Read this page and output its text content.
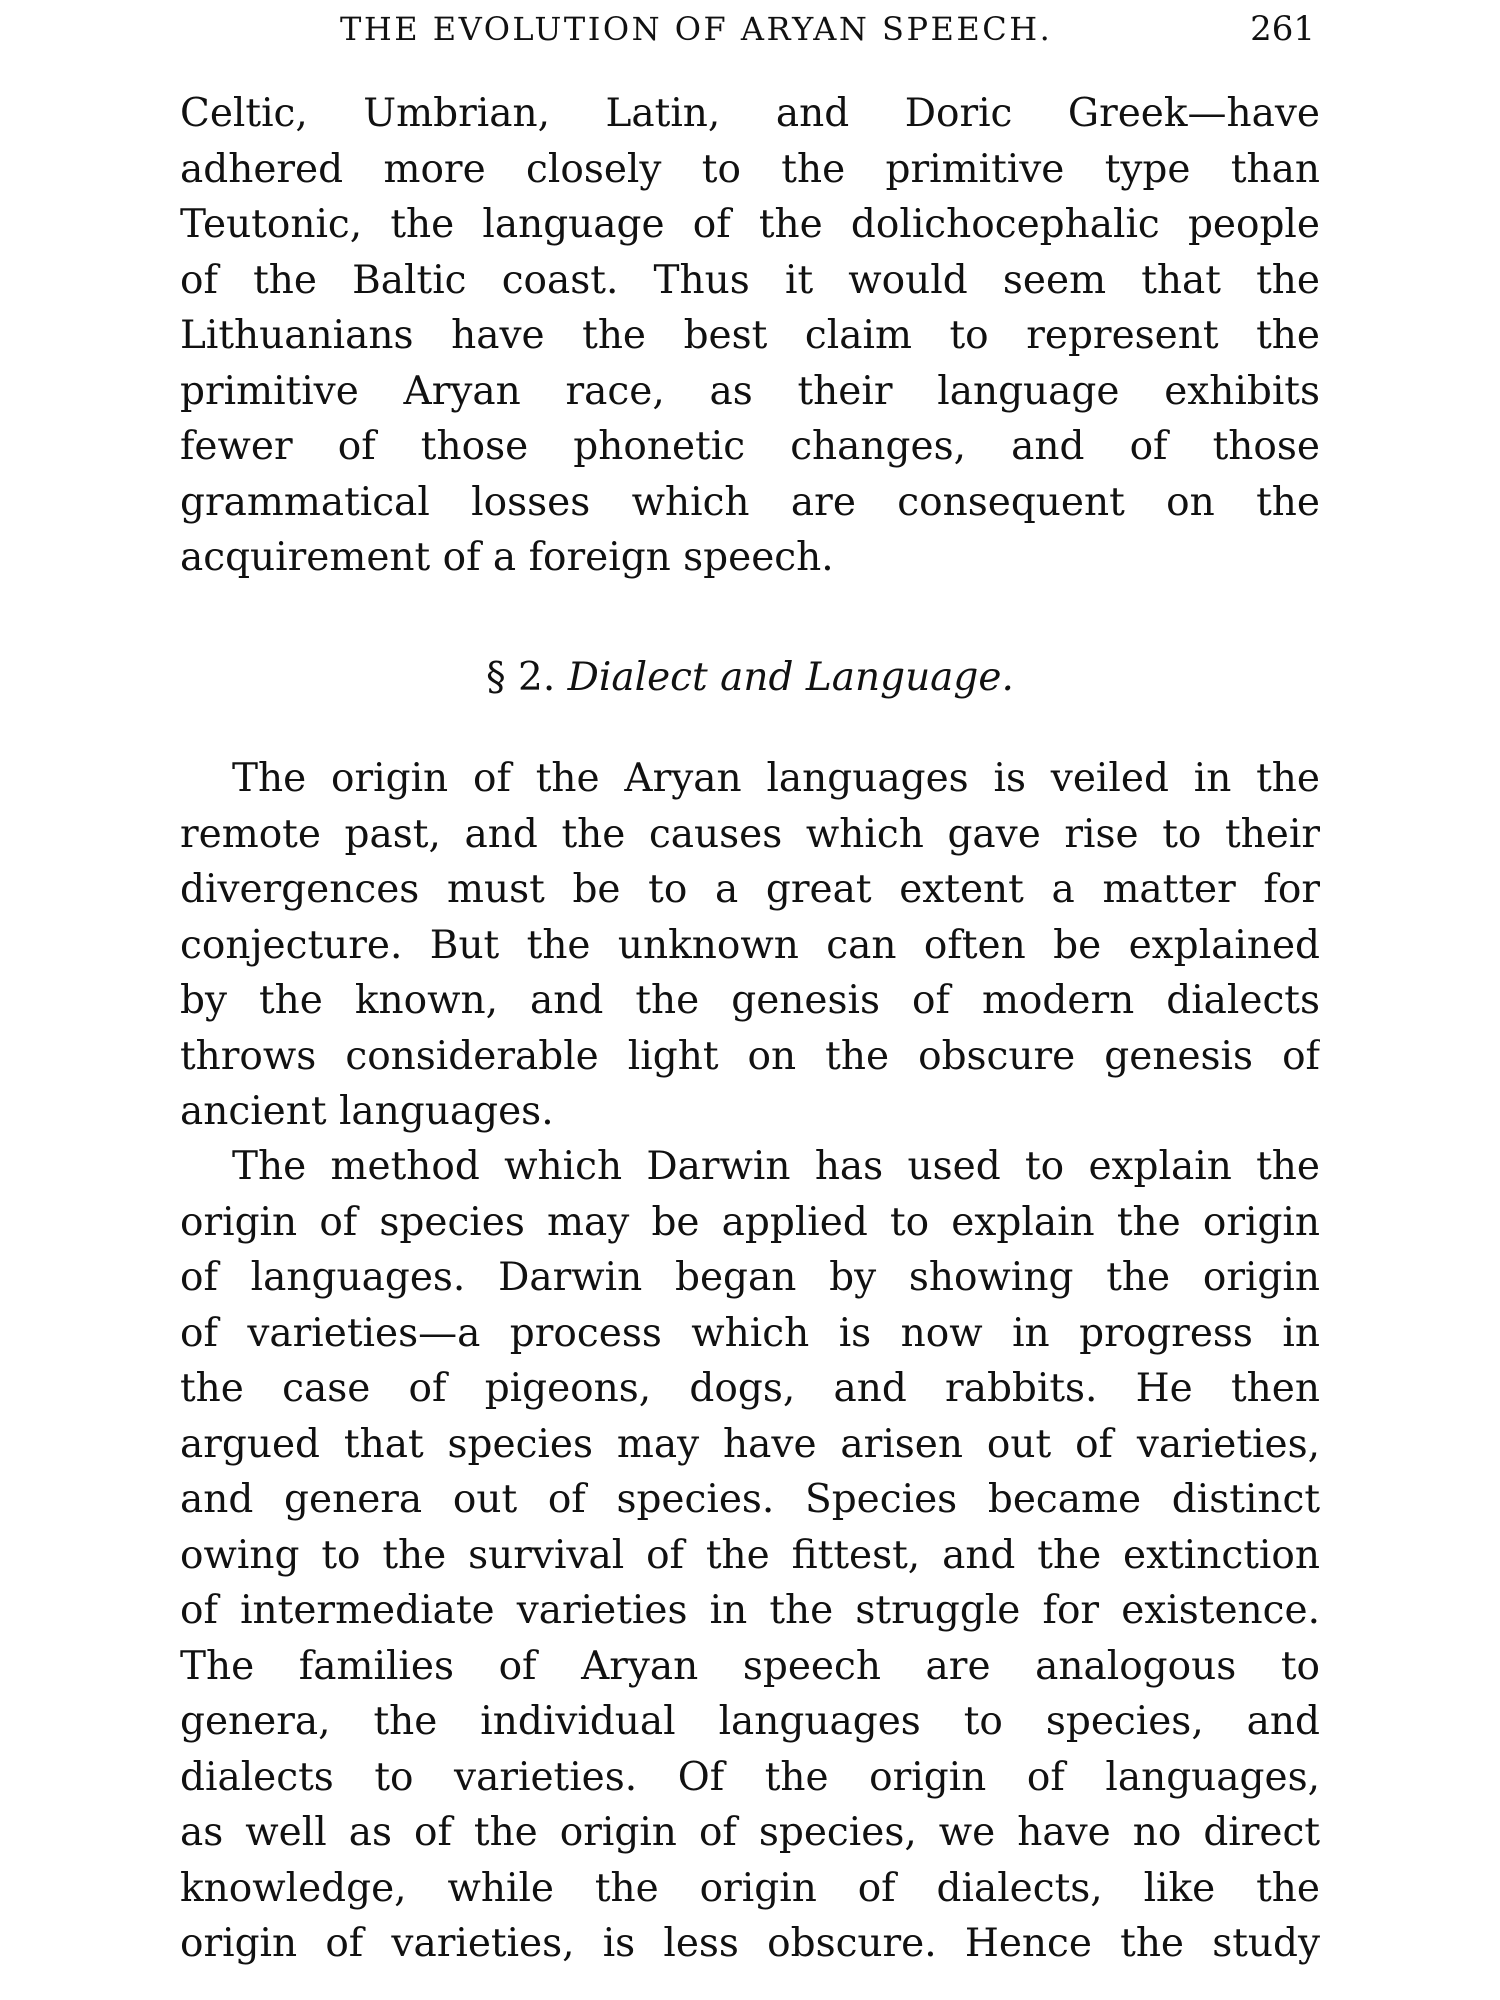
THE EVOLUTION OF ARYAN SPEECH.	261
Celtic, Umbrian, Latin, and Doric Greek—have
adhered more closely to the primitive type than
Teutonic, the language of the dolichocephalic people
of the Baltic coast. Thus it would seem that the
Lithuanians have the best claim to represent the
primitive Aryan race, as their language exhibits
fewer of those phonetic changes, and of those
grammatical losses which are consequent on the
acquirement of a foreign speech.
§ 2. Dialect and Language.
The origin of the Aryan languages is veiled in the
remote past, and the causes which gave rise to their
divergences must be to a great extent a matter for
conjecture. But the unknown can often be explained
by the known, and the genesis of modern dialects
throws considerable light on the obscure genesis of
ancient languages.
The method which Darwin has used to explain the
origin of species may be applied to explain the origin
of languages. Darwin began by showing the origin
of varieties—a process which is now in progress in
the case of pigeons, dogs, and rabbits. He then
argued that species may have arisen out of varieties,
and genera out of species. Species became distinct
owing to the survival of the fittest, and the extinction
of intermediate varieties in the struggle for existence.
The families of Aryan speech are analogous to
genera, the individual languages to species, and
dialects to varieties. Of the origin of languages,
as well as of the origin of species, we have no direct
knowledge, while the origin of dialects, like the
origin of varieties, is less obscure. Hence the study
